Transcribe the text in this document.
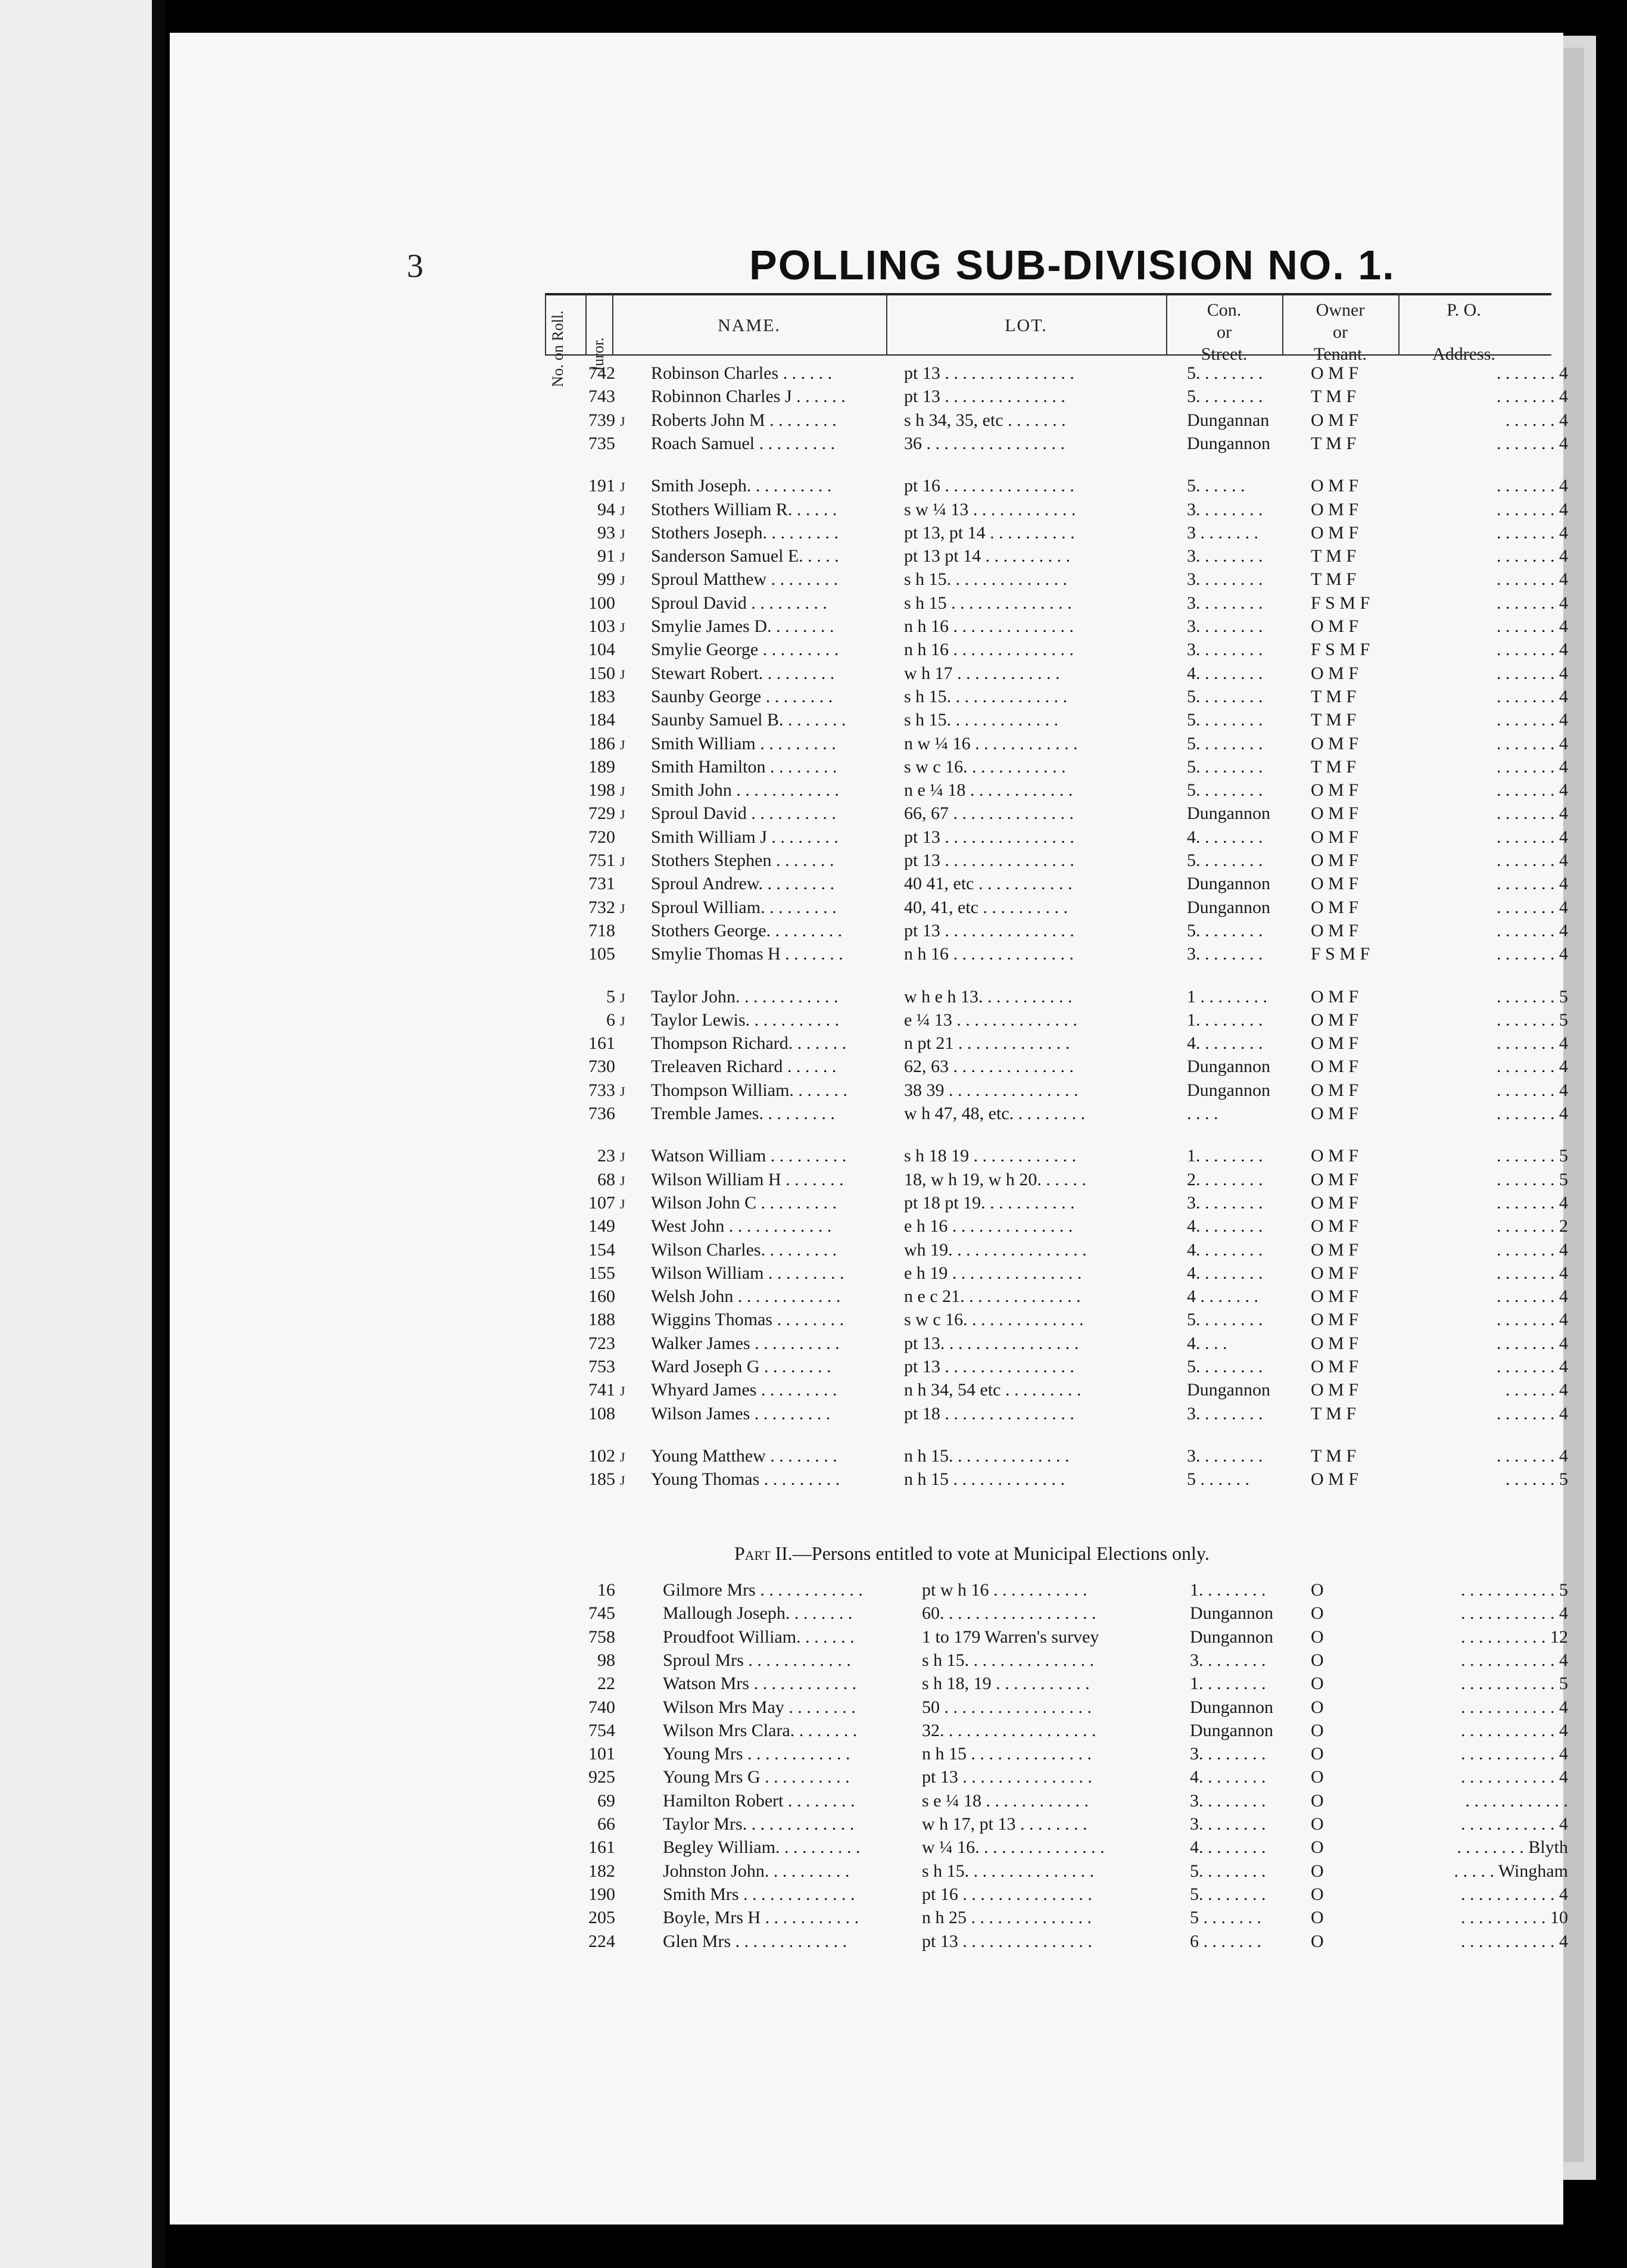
3	POLLING SUB-DIVISION NO. 1.
No. on Roll. Juror.
NAME.	LOT.
Con.
or
Street.
Owner
or
Tenant.
P. O.
Address.
742 Robinson Charles . . . . . .	pt 13 . . . . . . . . . . . . . . .	5. . . . . . . .	O M F	. . . . . . . 4
743 Robinnon Charles J . . . . . .	pt 13 . . . . . . . . . . . . . .	5. . . . . . . .	T M F	. . . . . . . 4
739 J Roberts John M . . . . . . . .	s h 34, 35, etc . . . . . . .	Dungannan O M F	. . . . . . 4
735 Roach Samuel . . . . . . . . .	36 . . . . . . . . . . . . . . . .	Dungannon T M F	. . . . . . . 4
191 J Smith Joseph. . . . . . . . . .	pt 16 . . . . . . . . . . . . . . .	5. . . . . .	O M F	. . . . . . . 4
94 J Stothers William R. . . . . .	s w ¼ 13 . . . . . . . . . . . .	3. . . . . . . .	O M F	. . . . . . . 4
93 J Stothers Joseph. . . . . . . . .	pt 13, pt 14 . . . . . . . . . .	3 . . . . . . .	O M F	. . . . . . . 4
91 J Sanderson Samuel E. . . . .	pt 13 pt 14 . . . . . . . . . .	3. . . . . . . .	T M F	. . . . . . . 4
99 J Sproul Matthew . . . . . . . .	s h 15. . . . . . . . . . . . . .	3. . . . . . . .	T M F	. . . . . . . 4
100 Sproul David . . . . . . . . .	s h 15 . . . . . . . . . . . . . .	3. . . . . . . .	F S M F	. . . . . . . 4
103 J Smylie James D. . . . . . . .	n h 16 . . . . . . . . . . . . . .	3. . . . . . . .	O M F	. . . . . . . 4
104 Smylie George . . . . . . . . .	n h 16 . . . . . . . . . . . . . .	3. . . . . . . .	F S M F	. . . . . . . 4
150 J Stewart Robert. . . . . . . . .	w h 17 . . . . . . . . . . . .	4. . . . . . . .	O M F	. . . . . . . 4
183 Saunby George . . . . . . . .	s h 15. . . . . . . . . . . . . .	5. . . . . . . .	T M F	. . . . . . . 4
184 Saunby Samuel B. . . . . . . .	s h 15. . . . . . . . . . . . .	5. . . . . . . .	T M F	. . . . . . . 4
186 J Smith William . . . . . . . . .	n w ¼ 16 . . . . . . . . . . . .	5. . . . . . . .	O M F	. . . . . . . 4
189 Smith Hamilton . . . . . . . .	s w c 16. . . . . . . . . . . .	5. . . . . . . .	T M F	. . . . . . . 4
198 J Smith John . . . . . . . . . . . .	n e ¼ 18 . . . . . . . . . . . .	5. . . . . . . .	O M F	. . . . . . . 4
729 J Sproul David . . . . . . . . . .	66, 67 . . . . . . . . . . . . . .	Dungannon O M F	. . . . . . . 4
720 Smith William J . . . . . . . .	pt 13 . . . . . . . . . . . . . . .	4. . . . . . . .	O M F	. . . . . . . 4
751 J Stothers Stephen . . . . . . .	pt 13 . . . . . . . . . . . . . . .	5. . . . . . . .	O M F	. . . . . . . 4
731 Sproul Andrew. . . . . . . . .	40 41, etc . . . . . . . . . . .	Dungannon O M F	. . . . . . . 4
732 J Sproul William. . . . . . . . .	40, 41, etc . . . . . . . . . .	Dungannon O M F	. . . . . . . 4
718 Stothers George. . . . . . . . .	pt 13 . . . . . . . . . . . . . . .	5. . . . . . . .	O M F	. . . . . . . 4
105 Smylie Thomas H . . . . . . .	n h 16 . . . . . . . . . . . . . .	3. . . . . . . .	F S M F	. . . . . . . 4
5 J Taylor John. . . . . . . . . . . .	w h e h 13. . . . . . . . . . .	1 . . . . . . . . O M F	. . . . . . . 5
6 J Taylor Lewis. . . . . . . . . . .	e ¼ 13 . . . . . . . . . . . . . .	1. . . . . . . .	O M F	. . . . . . . 5
161 Thompson Richard. . . . . . .	n pt 21 . . . . . . . . . . . . .	4. . . . . . . .	O M F	. . . . . . . 4
730 Treleaven Richard . . . . . .	62, 63 . . . . . . . . . . . . . .	Dungannon O M F	. . . . . . . 4
733 J Thompson William. . . . . . .	38 39 . . . . . . . . . . . . . . .	Dungannon O M F	. . . . . . . 4
736 Tremble James. . . . . . . . .	w h 47, 48, etc. . . . . . . . .	. . . .	O M F	. . . . . . . 4
23 J Watson William . . . . . . . . .	s h 18 19 . . . . . . . . . . . .	1. . . . . . . .	O M F	. . . . . . . 5
68 J Wilson William H . . . . . . .	18, w h 19, w h 20. . . . . .	2. . . . . . . .	O M F	. . . . . . . 5
107 J Wilson John C . . . . . . . . .	pt 18 pt 19. . . . . . . . . . .	3. . . . . . . .	O M F	. . . . . . . 4
149 West John . . . . . . . . . . . .	e h 16 . . . . . . . . . . . . . .	4. . . . . . . .	O M F	. . . . . . . 2
154 Wilson Charles. . . . . . . . .	wh 19. . . . . . . . . . . . . . . .	4. . . . . . . .	O M F	. . . . . . . 4
155 Wilson William . . . . . . . . .	e h 19 . . . . . . . . . . . . . . .	4. . . . . . . .	O M F	. . . . . . . 4
160 Welsh John . . . . . . . . . . . .	n e c 21. . . . . . . . . . . . . .	4 . . . . . . .	O M F	. . . . . . . 4
188 Wiggins Thomas . . . . . . . .	s w c 16. . . . . . . . . . . . . .	5. . . . . . . .	O M F	. . . . . . . 4
723 Walker James . . . . . . . . . .	pt 13. . . . . . . . . . . . . . . .	4. . . .	O M F	. . . . . . . 4
753 Ward Joseph G . . . . . . . .	pt 13 . . . . . . . . . . . . . . .	5. . . . . . . .	O M F	. . . . . . . 4
741 J Whyard James . . . . . . . . .	n h 34, 54 etc . . . . . . . . .	Dungannon O M F	. . . . . . 4
108 Wilson James . . . . . . . . .	pt 18 . . . . . . . . . . . . . . .	3. . . . . . . .	T M F	. . . . . . . 4
102 J Young Matthew . . . . . . . .	n h 15. . . . . . . . . . . . . .	3. . . . . . . .	T M F	. . . . . . . 4
185 J Young Thomas . . . . . . . . .	n h 15 . . . . . . . . . . . . .	5 . . . . . .	O M F	. . . . . . 5
Part II.—Persons entitled to vote at Municipal Elections only.
16	Gilmore Mrs . . . . . . . . . . . .	pt w h 16 . . . . . . . . . . .	1. . . . . . . .	O	. . . . . . . . . . . 5
745	Mallough Joseph. . . . . . . .	60. . . . . . . . . . . . . . . . . .	Dungannon O	. . . . . . . . . . . 4
758	Proudfoot William. . . . . . .	1 to 179 Warren's survey	Dungannon O	. . . . . . . . . . 12
98	Sproul Mrs . . . . . . . . . . . .	s h 15. . . . . . . . . . . . . . .	3. . . . . . . .	O	. . . . . . . . . . . 4
22	Watson Mrs . . . . . . . . . . . .	s h 18, 19 . . . . . . . . . . .	1. . . . . . . .	O	. . . . . . . . . . . 5
740	Wilson Mrs May . . . . . . . .	50 . . . . . . . . . . . . . . . . .	Dungannon O	. . . . . . . . . . . 4
754	Wilson Mrs Clara. . . . . . . .	32. . . . . . . . . . . . . . . . . .	Dungannon O	. . . . . . . . . . . 4
101	Young Mrs . . . . . . . . . . . .	n h 15 . . . . . . . . . . . . . .	3. . . . . . . .	O	. . . . . . . . . . . 4
925	Young Mrs G . . . . . . . . . .	pt 13 . . . . . . . . . . . . . . .	4. . . . . . . .	O	. . . . . . . . . . . 4
69	Hamilton Robert . . . . . . . .	s e ¼ 18 . . . . . . . . . . . .	3. . . . . . . .	O	. . . . . . . . . . . .
66	Taylor Mrs. . . . . . . . . . . . .	w h 17, pt 13 . . . . . . . .	3. . . . . . . .	O	. . . . . . . . . . . 4
161	Begley William. . . . . . . . . .	w ¼ 16. . . . . . . . . . . . . . .	4. . . . . . . .	O	. . . . . . . . Blyth
182	Johnston John. . . . . . . . . .	s h 15. . . . . . . . . . . . . . .	5. . . . . . . .	O	. . . . . Wingham
190	Smith Mrs . . . . . . . . . . . . .	pt 16 . . . . . . . . . . . . . . .	5. . . . . . . .	O	. . . . . . . . . . . 4
205	Boyle, Mrs H . . . . . . . . . . .	n h 25 . . . . . . . . . . . . . .	5 . . . . . . .	O	. . . . . . . . . . 10
224	Glen Mrs . . . . . . . . . . . . .	pt 13 . . . . . . . . . . . . . . .	6 . . . . . . .	O	. . . . . . . . . . . 4
